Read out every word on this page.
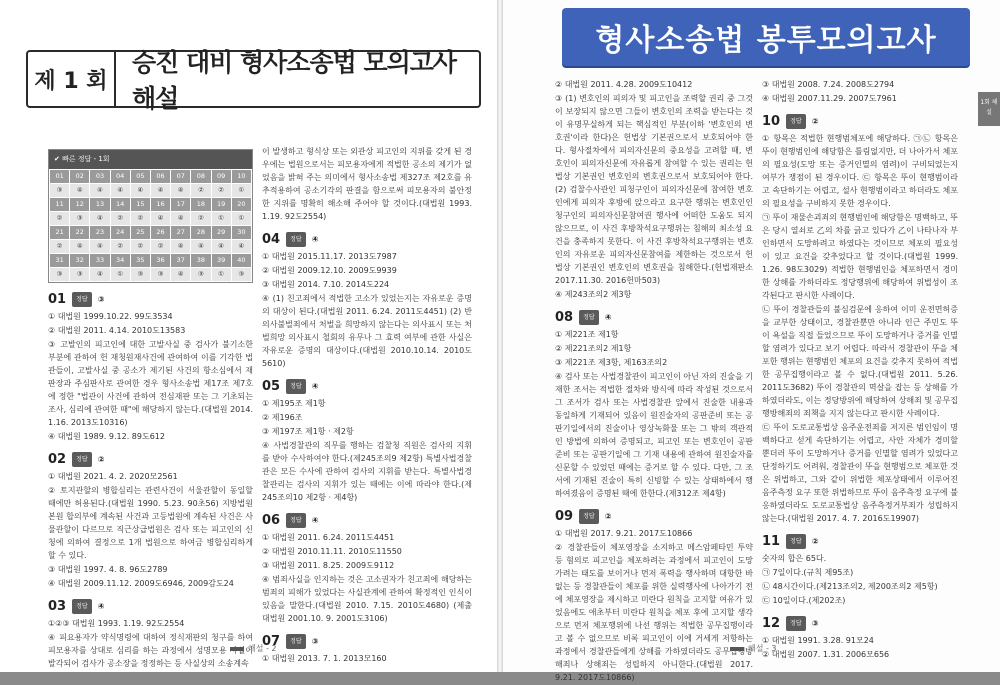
제 1 회
승진 대비 형사소송법 모의고사 해설
✔ 빠른 정답 - 1회
01	02	03	04	05	06	07	08	09	10
③	④	④	④	④	④	④	②	②	①
11	12	13	14	15	16	17	18	19	20
②	③	④	②	②	④	④	②	①	①
21	22	23	24	25	26	27	28	29	30
②	④	④	②	②	②	④	④	④	④
31	32	33	34	35	36	37	38	39	40
③	③	④	①	③	③	④	③	①	③
01	정답	③

① 대법원 1999.10.22. 99도3534

② 대법원 2011. 4.14. 2010도13583

③ 고발인의 피고인에 대한 고발사실 중 검사가 불기소한 부분에 관하여 헌 재청원재사건에 관여하여 이를 기각한 법관들이, 고발사실 중 공소가 제기된 사건의 항소심에서 재판장과 주심판사로 관여한 경우 형사소송법 제17조 제7호에 정한 "법관이 사건에 관하여 전심재판 또는 그 기초되는 조사, 심리에 관여한 때"에 해당하지 않는다.(대법원 2014. 1.16. 2013도10316)

④ 대법원 1989. 9.12. 89도612

02	정답	②

① 대법원 2021. 4. 2. 2020모2561

② 토지관할의 병합심리는 관련사건이 서울관할이 동일할 때에만 허용된다.(대법원 1990. 5.23. 90초56) 지방법원 본원 합의부에 계속된 사건과 고등법원에 계속된 사건은 사물관할이 다르므로 직근상급법원은 검사 또는 피고인의 신청에 의하여 결정으로 1개 법원으로 하여금 병합심리하게 할 수 있다.

③ 대법원 1997. 4. 8. 96도2789

④ 대법원 2009.11.12. 2009도6946, 2009감도24

03	정답	④

①②③ 대법원 1993. 1.19. 92도2554

④ 피요용자가 약식명령에 대하여 정식재판의 청구를 하여 피모용자를 상대로 심리를 하는 과정에서 성명모용 사실이 발각되어 검사가 공소장을 정정하는 등 사실상의 소송계속

이 발생하고 형식상 또는 외관상 피고인의 지위를 갖게 된 경우에는 법원으로서는 피모용자에게 적법한 공소의 제기가 없었음을 밝혀 주는 의미에서 형사소송법 제327조 제2호를 유추적용하여 공소기각의 판결을 함으로써 피모용자의 불안정한 지위를 명확히 해소해 주어야 할 것이다.(대법원 1993. 1.19. 92도2554)

04	정답	④

① 대법원 2015.11.17. 2013도7987

② 대법원 2009.12.10. 2009도9939

③ 대법원 2014. 7.10. 2014도224

④ (1) 친고죄에서 적법한 고소가 있었는지는 자유로운 증명의 대상이 된다.(대법원 2011. 6.24. 2011도4451) (2) 반의사불벌죄에서 처벌을 희망하지 않는다는 의사표시 또는 처벌희망 의사표시 철회의 유무나 그 효력 여부에 관한 사실은 자유로운 증명의 대상이다.(대법원 2010.10.14. 2010도5610)

05	정답	④

① 제195조 제1항

② 제196조

③ 제197조 제1항 · 제2항

④ 사법경찰관의 직무를 행하는 검찰청 직원은 검사의 지휘를 받아 수사하여야 한다.(제245조의9 제2항) 특별사법경찰관은 모든 수사에 관하여 검사의 지휘를 받는다. 특별사법경찰관리는 검사의 지휘가 있는 때에는 이에 따라야 한다.(제245조의10 제2항 · 제4항)

06	정답	④

① 대법원 2011. 6.24. 2011도4451

② 대법원 2010.11.11. 2010도11550

③ 대법원 2011. 8.25. 2009도9112

④ 범죄사실을 인지하는 것은 고소권자가 친고죄에 해당하는 범죄의 피해가 있었다는 사실관계에 관하여 확정적인 인식이 있음을 말한다.(대법원 2010. 7.15. 2010도4680) (제출 대법원 2001.10. 9. 2001도3106)

07	정답	③

① 대법원 2013. 7. 1. 2013모160

해설 - 2

② 대법원 2011. 4.28. 2009도10412

③ (1) 변호인의 피의자 및 피고인을 조력할 권리 중 그것이 보장되지 않으면 그들이 변호인의 조력을 받는다는 것이 유명무실하게 되는 핵심적인 부분(이하 '변호인의 변호권'이라 한다)은 헌법상 기본권으로서 보호되어야 한다. 형사절차에서 피의자신문의 중요성을 고려할 때, 변호인이 피의자신문에 자유롭게 참여할 수 있는 권리는 헌법상 기본권인 변호인의 변호권으로서 보호되어야 한다. (2) 검찰수사관인 피청구인이 피의자신문에 참여한 변호인에게 피의자 후방에 앉으라고 요구한 행위는 변호인인 청구인의 피의자신문참여권 행사에 어떠한 도움도 되지 않으므로, 이 사건 후방착석요구행위는 침해의 최소성 요건을 충족하지 못한다. 이 사건 후방착석요구행위는 변호인의 자유로운 피의자신문참여를 제한하는 것으로서 헌법상 기본권인 변호인의 변호권을 침해한다.(헌법재판소 2017.11.30. 2016헌마503)

④ 제243조의2 제3항

08	정답	④

① 제221조 제1항

② 제221조의2 제1항

③ 제221조 제3항, 제163조의2

④ 검사 또는 사법경찰관이 피고인이 아닌 자의 진술을 기재한 조서는 적법한 절차와 방식에 따라 작성된 것으로서 그 조서가 검사 또는 사법경찰관 앞에서 진술한 내용과 동일하게 기재되어 있음이 원진술자의 공판준비 또는 공판기일에서의 진술이나 영상녹화물 또는 그 밖의 객관적인 방법에 의하여 증명되고, 피고인 또는 변호인이 공판준비 또는 공판기일에 그 기재 내용에 관하여 원진술자를 신문할 수 있었던 때에는 증거로 할 수 있다. 다만, 그 조서에 기재된 진술이 특히 신빙할 수 있는 상태하에서 행하여졌음이 증명된 때에 한한다.(제312조 제4항)

09	정답	②

① 대법원 2017. 9.21. 2017도10866

② 경찰관들이 체포영장을 소지하고 메스암페타민 투약 등 혐의로 피고인을 체포하려는 과정에서 피고인이 도망가려는 태도를 보이거나 먼저 폭력을 행사하며 대항한 바 없는 등 경찰관들이 체포를 위한 실력행사에 나아가기 전에 체포영장을 제시하고 미란다 원칙을 고지할 여유가 있었음에도 애초부터 미란다 원칙을 체포 후에 고지할 생각으로 먼저 체포행위에 나선 행위는 적법한 공무집행이라고 볼 수 없으므로 비록 피고인이 이에 거세게 저항하는 과정에서 경찰관들에게 상해를 가하였더라도 공무집행방해죄나 상해죄는 성립하지 아니한다.(대법원 2017. 9.21. 2017도10866)

③ 대법원 2008. 7.24. 2008도2794

④ 대법원 2007.11.29. 2007도7961

10	정답	②

① 항목은 적법한 현행범체포에 해당하다. ㉠㉡ 항목은 뚜이 현행범인에 해당함은 틀림없지만, 더 나아가서 체포의 필요성(도망 또는 증거인멸의 염려)이 구비되었는지 여부가 쟁점이 된 경우이다. ㉢ 항목은 뚜이 현행범이라고 속단하기는 어렵고, 설사 현행범이라고 하더라도 체포의 필요성을 구비하지 못한 경우이다.

㉠ 뚜이 재물손괴죄의 현행범인에 해당함은 명백하고, 뚜은 당시 열쇠로 乙의 차를 긁고 있다가 乙이 나타나자 부인하면서 도망하려고 하였다는 것이므로 체포의 필요성이 있고 요건을 갖추었다고 할 것이다.(대법원 1999. 1.26. 98도3029) 적법한 현행범인을 체포하면서 경미한 상해를 가하더라도 정당행위에 해당하여 위법성이 조각된다고 판시한 사례이다.

㉡ 뚜이 경찰관들의 불심검문에 응하여 이미 운전면허증을 교부한 상태이고, 경찰관뿐만 아니라 인근 주민도 뚜이 욕설을 직접 들었으므로 뚜이 도망하거나 증거를 인멸할 염려가 있다고 보기 어렵다. 따라서 경찰관이 뚜을 체포한 행위는 현행범인 체포의 요건을 갖추지 못하여 적법한 공무집행이라고 볼 수 없다.(대법원 2011. 5.26. 2011도3682) 뚜이 경찰관의 멱살을 잡는 등 상해를 가하였더라도, 이는 정당방위에 해당하여 상해죄 및 공무집행방해죄의 죄책을 지지 않는다고 판시한 사례이다.

㉢ 뚜이 도로교통법상 음주운전죄를 저지른 범인임이 명백하다고 섣게 속단하기는 어렵고, 사안 자체가 경미할 뿐더러 뚜이 도망하거나 증거를 인멸할 염려가 있었다고 단정하기도 어려워, 경찰관이 뚜을 현행범으로 체포한 것은 위법하고, 그와 같이 위법한 체포상태에서 이루어진 음주측정 요구 또한 위법하므로 뚜이 음주측정 요구에 불응하였더라도 도로교통법상 음주측정거부죄가 성립하지 않는다.(대법원 2017. 4. 7. 2016도19907)

11	정답	②

숫자의 합은 65다.

㉠ 7일이다.(규칙 제95조)

㉡ 48시간이다.(제213조의2, 제200조의2 제5항)

㉢ 10일이다.(제202조)

12	정답	③

① 대법원 1991. 3.28. 91모24

② 대법원 2007. 1.31. 2006모656

형사소송법 봉투모의고사
1회 해설
해설 - 3
